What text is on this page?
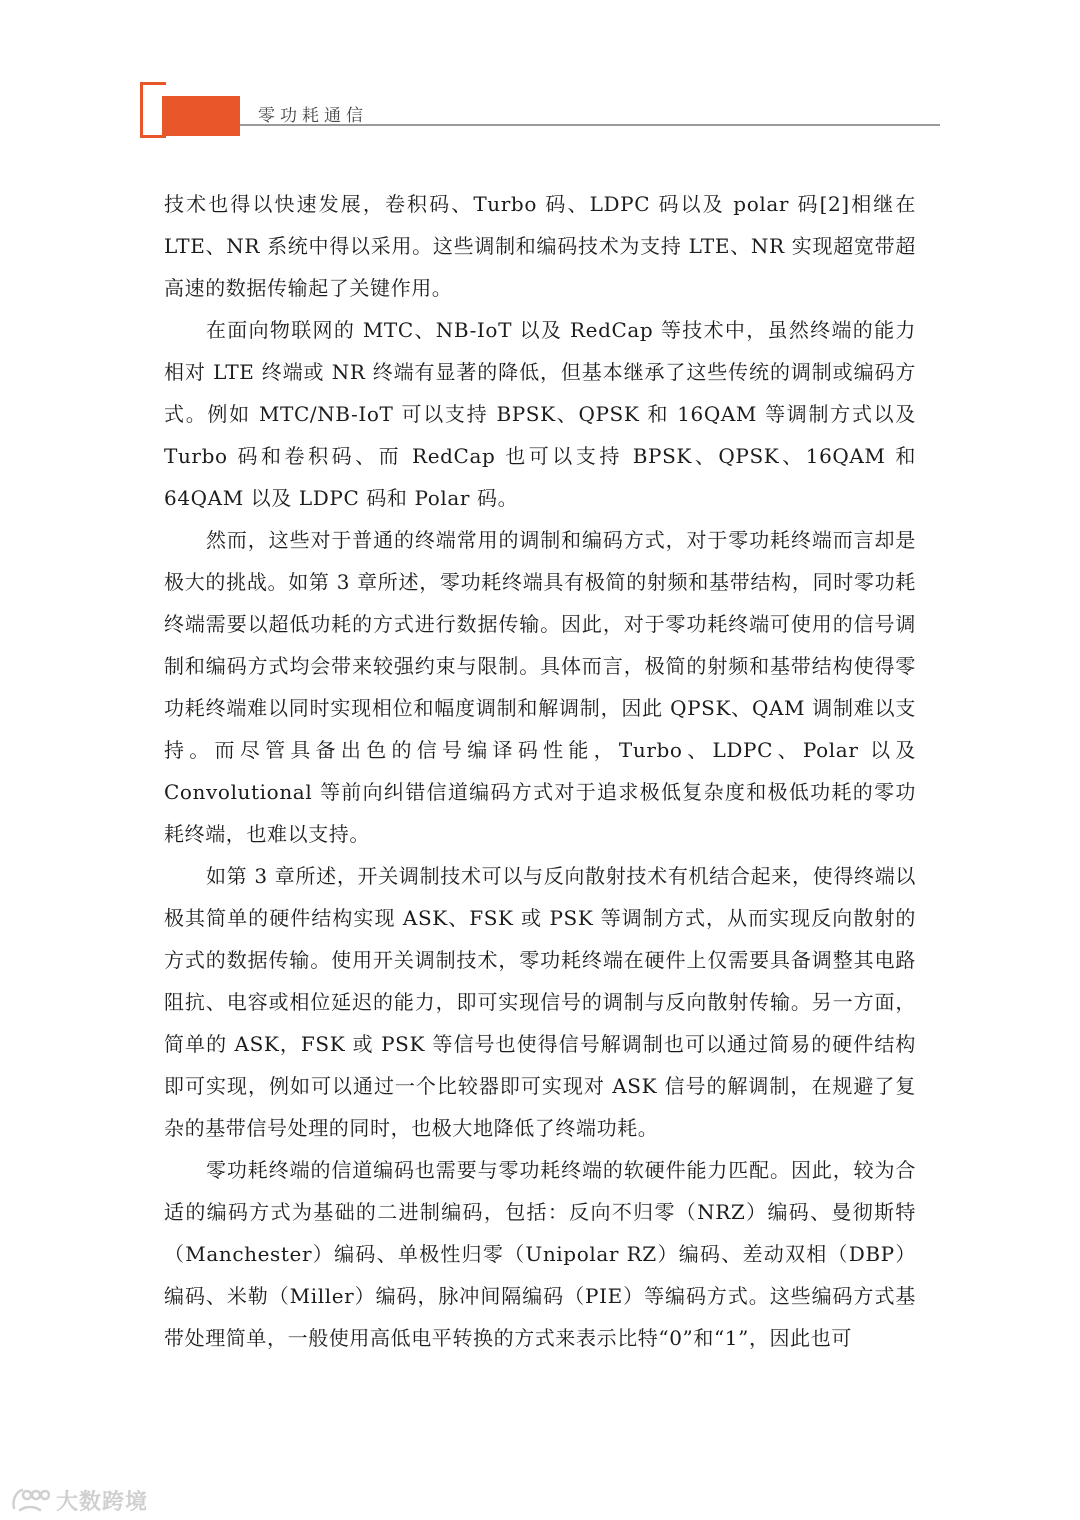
零功耗通信

技术也得以快速发展，卷积码、Turbo 码、LDPC 码以及 polar 码[2]相继在 LTE、NR 系统中得以采用。这些调制和编码技术为支持 LTE、NR 实现超宽带超高速的数据传输起了关键作用。

在面向物联网的 MTC、NB-IoT 以及 RedCap 等技术中，虽然终端的能力相对 LTE 终端或 NR 终端有显著的降低，但基本继承了这些传统的调制或编码方式。例如 MTC/NB-IoT 可以支持 BPSK、QPSK 和 16QAM 等调制方式以及 Turbo 码和卷积码、而 RedCap 也可以支持 BPSK、QPSK、16QAM 和 64QAM 以及 LDPC 码和 Polar 码。

然而，这些对于普通的终端常用的调制和编码方式，对于零功耗终端而言却是极大的挑战。如第 3 章所述，零功耗终端具有极简的射频和基带结构，同时零功耗终端需要以超低功耗的方式进行数据传输。因此，对于零功耗终端可使用的信号调制和编码方式均会带来较强约束与限制。具体而言，极简的射频和基带结构使得零功耗终端难以同时实现相位和幅度调制和解调制，因此 QPSK、QAM 调制难以支持。而尽管具备出色的信号编译码性能，Turbo、LDPC、Polar 以及 Convolutional 等前向纠错信道编码方式对于追求极低复杂度和极低功耗的零功耗终端，也难以支持。

如第 3 章所述，开关调制技术可以与反向散射技术有机结合起来，使得终端以极其简单的硬件结构实现 ASK、FSK 或 PSK 等调制方式，从而实现反向散射的方式的数据传输。使用开关调制技术，零功耗终端在硬件上仅需要具备调整其电路阻抗、电容或相位延迟的能力，即可实现信号的调制与反向散射传输。另一方面，简单的 ASK，FSK 或 PSK 等信号也使得信号解调制也可以通过简易的硬件结构即可实现，例如可以通过一个比较器即可实现对 ASK 信号的解调制，在规避了复杂的基带信号处理的同时，也极大地降低了终端功耗。

零功耗终端的信道编码也需要与零功耗终端的软硬件能力匹配。因此，较为合适的编码方式为基础的二进制编码，包括：反向不归零（NRZ）编码、曼彻斯特（Manchester）编码、单极性归零（Unipolar RZ）编码、差动双相（DBP）编码、米勒（Miller）编码，脉冲间隔编码（PIE）等编码方式。这些编码方式基带处理简单，一般使用高低电平转换的方式来表示比特“0”和“1”，因此也可

大数跨境
